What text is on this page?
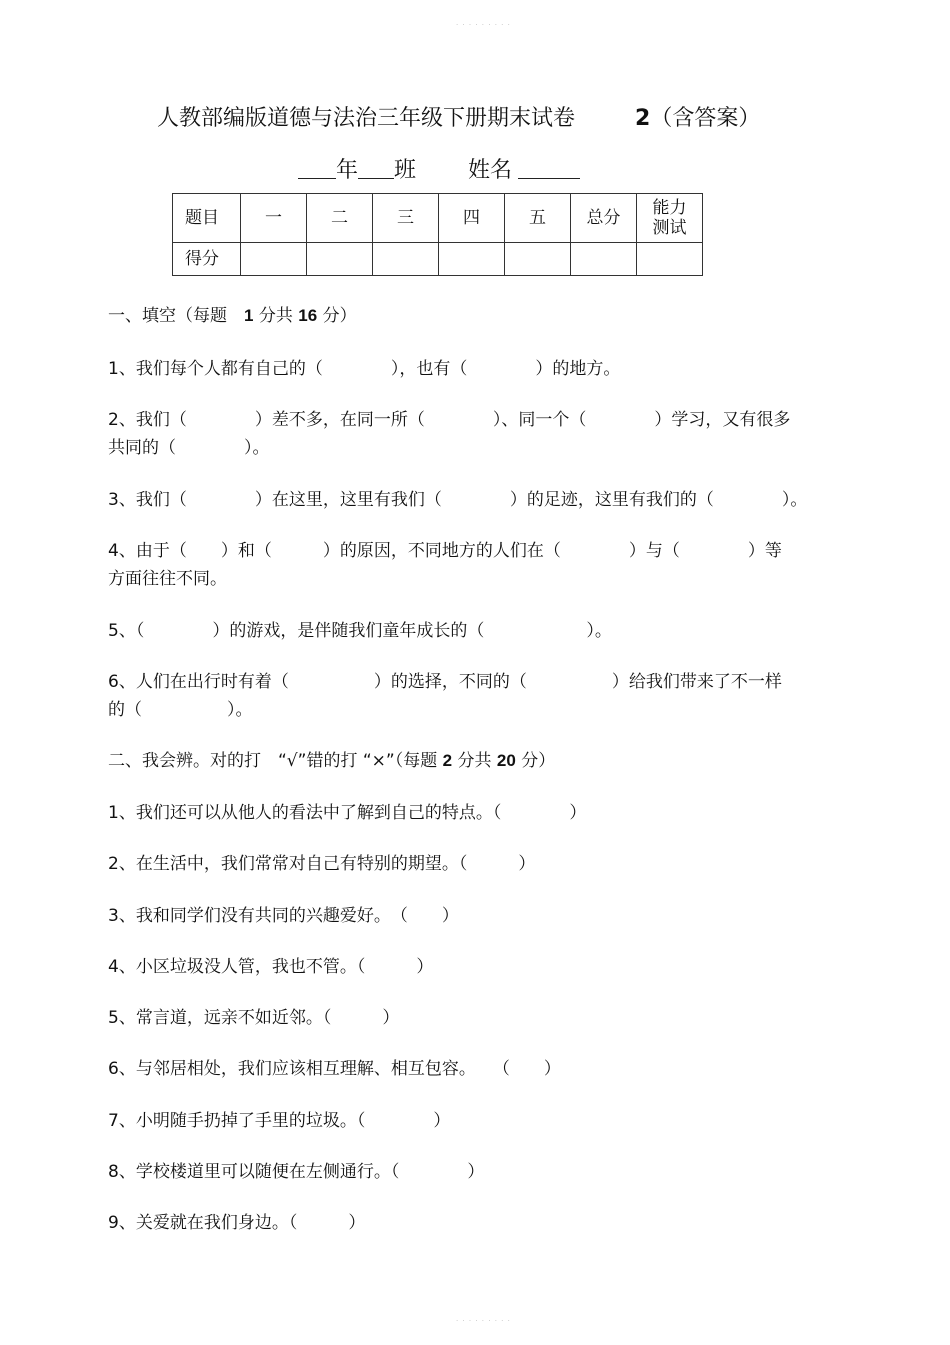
· · · · · · · · ·
人教部编版道德与法治三年级下册期末试卷	2（含答案）
年 班 姓名
题目	一	二	三	四	五	总分	能力
测试
得分							
一、填空（每题　 1 分共 16 分）
1、我们每个人都有自己的（　　　　），也有（　　　　）的地方。
2、我们（　　　　）差不多，在同一所（　　　　）、同一个（　　　　）学习，又有很多
共同的（　　　　）。
3、我们（　　　　）在这里，这里有我们（　　　　）的足迹，这里有我们的（　　　　）。
4、由于（　　）和（　　　）的原因，不同地方的人们在（　　　　）与（　　　　）等
方面往往不同。
5、（　　　　）的游戏，是伴随我们童年成长的（　　　　　　）。
6、人们在出行时有着（　　　　　）的选择，不同的（　　　　　）给我们带来了不一样
的（　　　　　）。
二、我会辨。对的打　“√”错的打 “×”（每题 2 分共 20 分）
1、我们还可以从他人的看法中了解到自己的特点。（　　　　）
2、在生活中，我们常常对自己有特别的期望。（　　　）
3、我和同学们没有共同的兴趣爱好。　（　　）
4、小区垃圾没人管，我也不管。（　　　）
5、常言道，远亲不如近邻。（　　　）
6、与邻居相处，我们应该相互理解、相互包容。　　（　　）
7、小明随手扔掉了手里的垃圾。（　　　　）
8、学校楼道里可以随便在左侧通行。（　　　　）
9、关爱就在我们身边。（　　　）
· · · · · · · · ·
